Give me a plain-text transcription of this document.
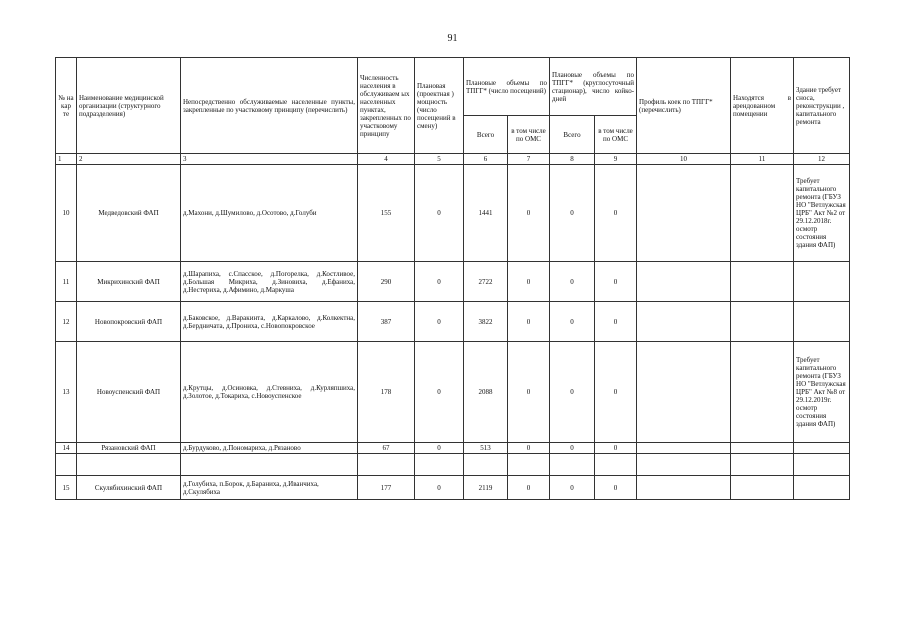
91
№ на кар те	Наименование медицинской организации (структурного подразделения)	Непосредственно обслуживаемые населенные пункты, закрепленные по участковому принципу (перечислить)	Численность населения в обслуживаем ых населенных пунктах, закрепленных по участковому принципу	Плановая (проектная ) мощность (число посещений в смену)	Плановые объемы по ТПГГ* (число посещений)		Плановые объемы по ТПГГ* (круглосуточный стационар), число койко-дней		Профиль коек по ТПГГ* (перечислить)	Находятся в арендованном помещении	Здание требует сноса, реконструкции , капитального ремонта
					Всего	в том числе по ОМС	Всего	в том числе по ОМС			
1	2	3	4	5	6	7	8	9	10	11	12
10	Медведовский ФАП	д.Махони, д.Шумилово, д.Осотово, д.Голуби	155	0	1441	0	0	0			Требует капитального ремонта (ГБУЗ НО "Ветлужская ЦРБ" Акт №2 от 29.12.2018г. осмотр состояния здания ФАП)
11	Микрихинский ФАП	д.Шарапиха, с.Спасское, д.Погорелка, д.Костливое, д.Большая Микриха, д.Зиновиха, д.Ефаниха, д.Нестериха, д.Афимино, д.Маркуша	290	0	2722	0	0	0			
12	Новопокровский ФАП	д.Баковское, д.Варакинта, д.Каркалово, д.Колкектна, д.Бердничата, д.Прониха, с.Новопокровское	387	0	3822	0	0	0			
13	Новоуспенский ФАП	д.Крутцы, д.Осиновка, д.Стевниха, д.Курляпшиха, д.Золотое, д.Токариха, с.Новоуспенское	178	0	2088	0	0	0			Требует капитального ремонта (ГБУЗ НО "Ветлужская ЦРБ" Акт №8 от 29.12.2019г. осмотр состояния здания ФАП)
14	Рязановский ФАП	д.Бурдуково, д.Пономариха, д.Рязаново	67	0	513	0	0	0			

15	Скулябихинский ФАП	д.Голубиха, п.Борок, д.Бараниха, д.Иванчиха, д.Скулябиха	177	0	2119	0	0	0			
